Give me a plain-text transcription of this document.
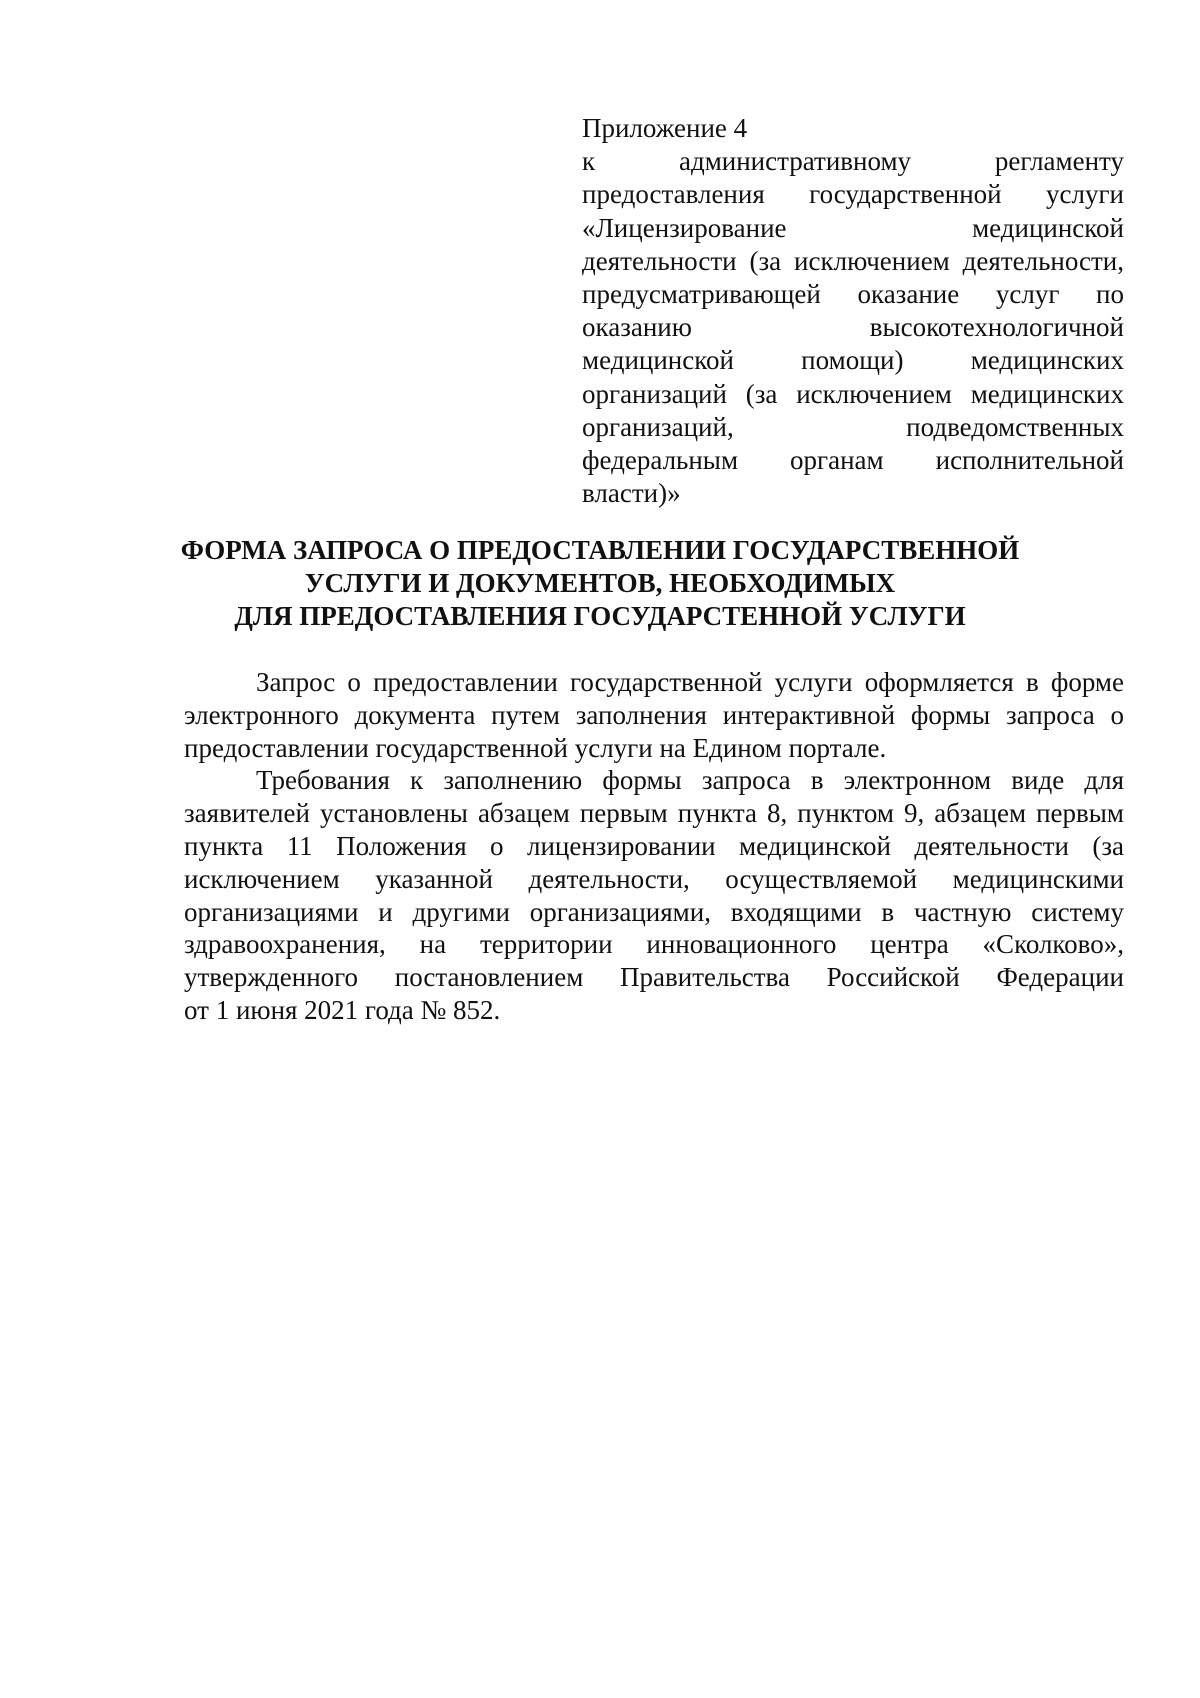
Приложение 4
к административному регламенту
предоставления государственной услуги
«Лицензирование медицинской
деятельности (за исключением деятельности,
предусматривающей оказание услуг по
оказанию высокотехнологичной
медицинской помощи) медицинских
организаций (за исключением медицинских
организаций, подведомственных
федеральным органам исполнительной
власти)»
ФОРМА ЗАПРОСА О ПРЕДОСТАВЛЕНИИ ГОСУДАРСТВЕННОЙ
УСЛУГИ И ДОКУМЕНТОВ, НЕОБХОДИМЫХ
ДЛЯ ПРЕДОСТАВЛЕНИЯ ГОСУДАРСТЕННОЙ УСЛУГИ
Запрос о предоставлении государственной услуги оформляется в форме
электронного документа путем заполнения интерактивной формы запроса о
предоставлении государственной услуги на Едином портале.
Требования к заполнению формы запроса в электронном виде для
заявителей установлены абзацем первым пункта 8, пунктом 9, абзацем первым
пункта 11 Положения о лицензировании медицинской деятельности (за
исключением указанной деятельности, осуществляемой медицинскими
организациями и другими организациями, входящими в частную систему
здравоохранения, на территории инновационного центра «Сколково»,
утвержденного постановлением Правительства Российской Федерации
от 1 июня 2021 года № 852.
